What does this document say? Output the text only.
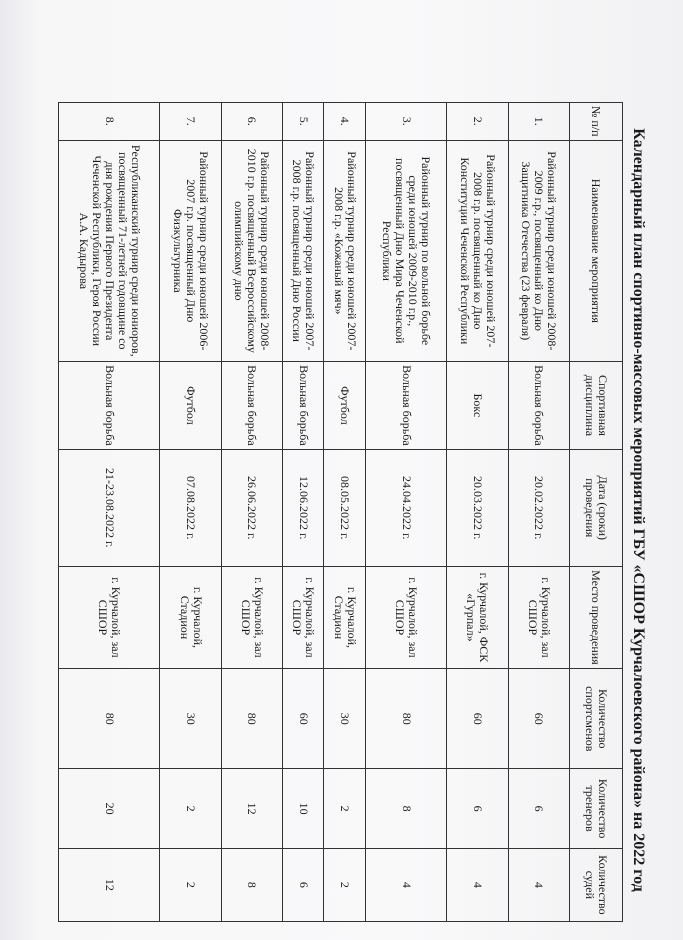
Календарный план спортивно-массовых мероприятий ГБУ «СШОР Курчалоевского района» на 2022 год
№ п/п	Наименование мероприятия	Спортивная дисциплина	Дата (сроки) проведения	Место проведения	Количество спортсменов	Количество тренеров	Количество судей
1.	Районный турнир среди юношей 2008-2009 г.р., посвященный ко Дню Защитника Отечества (23 февраля)	Вольная борьба	20.02.2022 г.	г. Курчалой, зал СШОР	60	6	4
2.	Районный турнир среди юношей 207-2008 г.р. посвященный ко Дню Конституции Чеченской Республики	Бокс	20.03.2022 г.	г. Курчалой, ФСК «Гурпал»	60	6	4
3.	Районный турнир по вольной борьбе среди юношей 2009-2010 г.р., посвященный Дню Мира Чеченской Республики	Вольная борьба	24.04.2022 г.	г. Курчалой, зал СШОР	80	8	4
4.	Районный турнир среди юношей 2007-2008 г.р. «Кожаный мяч»	Футбол	08.05.2022 г.	г. Курчалой, Стадион	30	2	2
5.	Районный турнир среди юношей 2007-2008 г.р. посвященный Дню России	Вольная борьба	12.06.2022 г.	г. Курчалой, зал СШОР	60	10	6
6.	Районный турнир среди юношей 2008-2010 г.р. посвященный Всероссийскому олимпийскому дню	Вольная борьба	26.06.2022 г.	г. Курчалой, зал СШОР	80	12	8
7.	Районный турнир среди юношей 2006-2007 г.р. посвященный Дню Физкультурника	Футбол	07.08.2022 г.	г. Курчалой, Стадион	30	2	2
8.	Республиканский турнир среди юниоров, посвященный 71-летней годовщине со дня рождения Первого Президента Чеченской Республики, Героя России А.А. Кадырова	Вольная борьба	21-23.08.2022 г.	г. Курчалой, зал СШОР	80	20	12
